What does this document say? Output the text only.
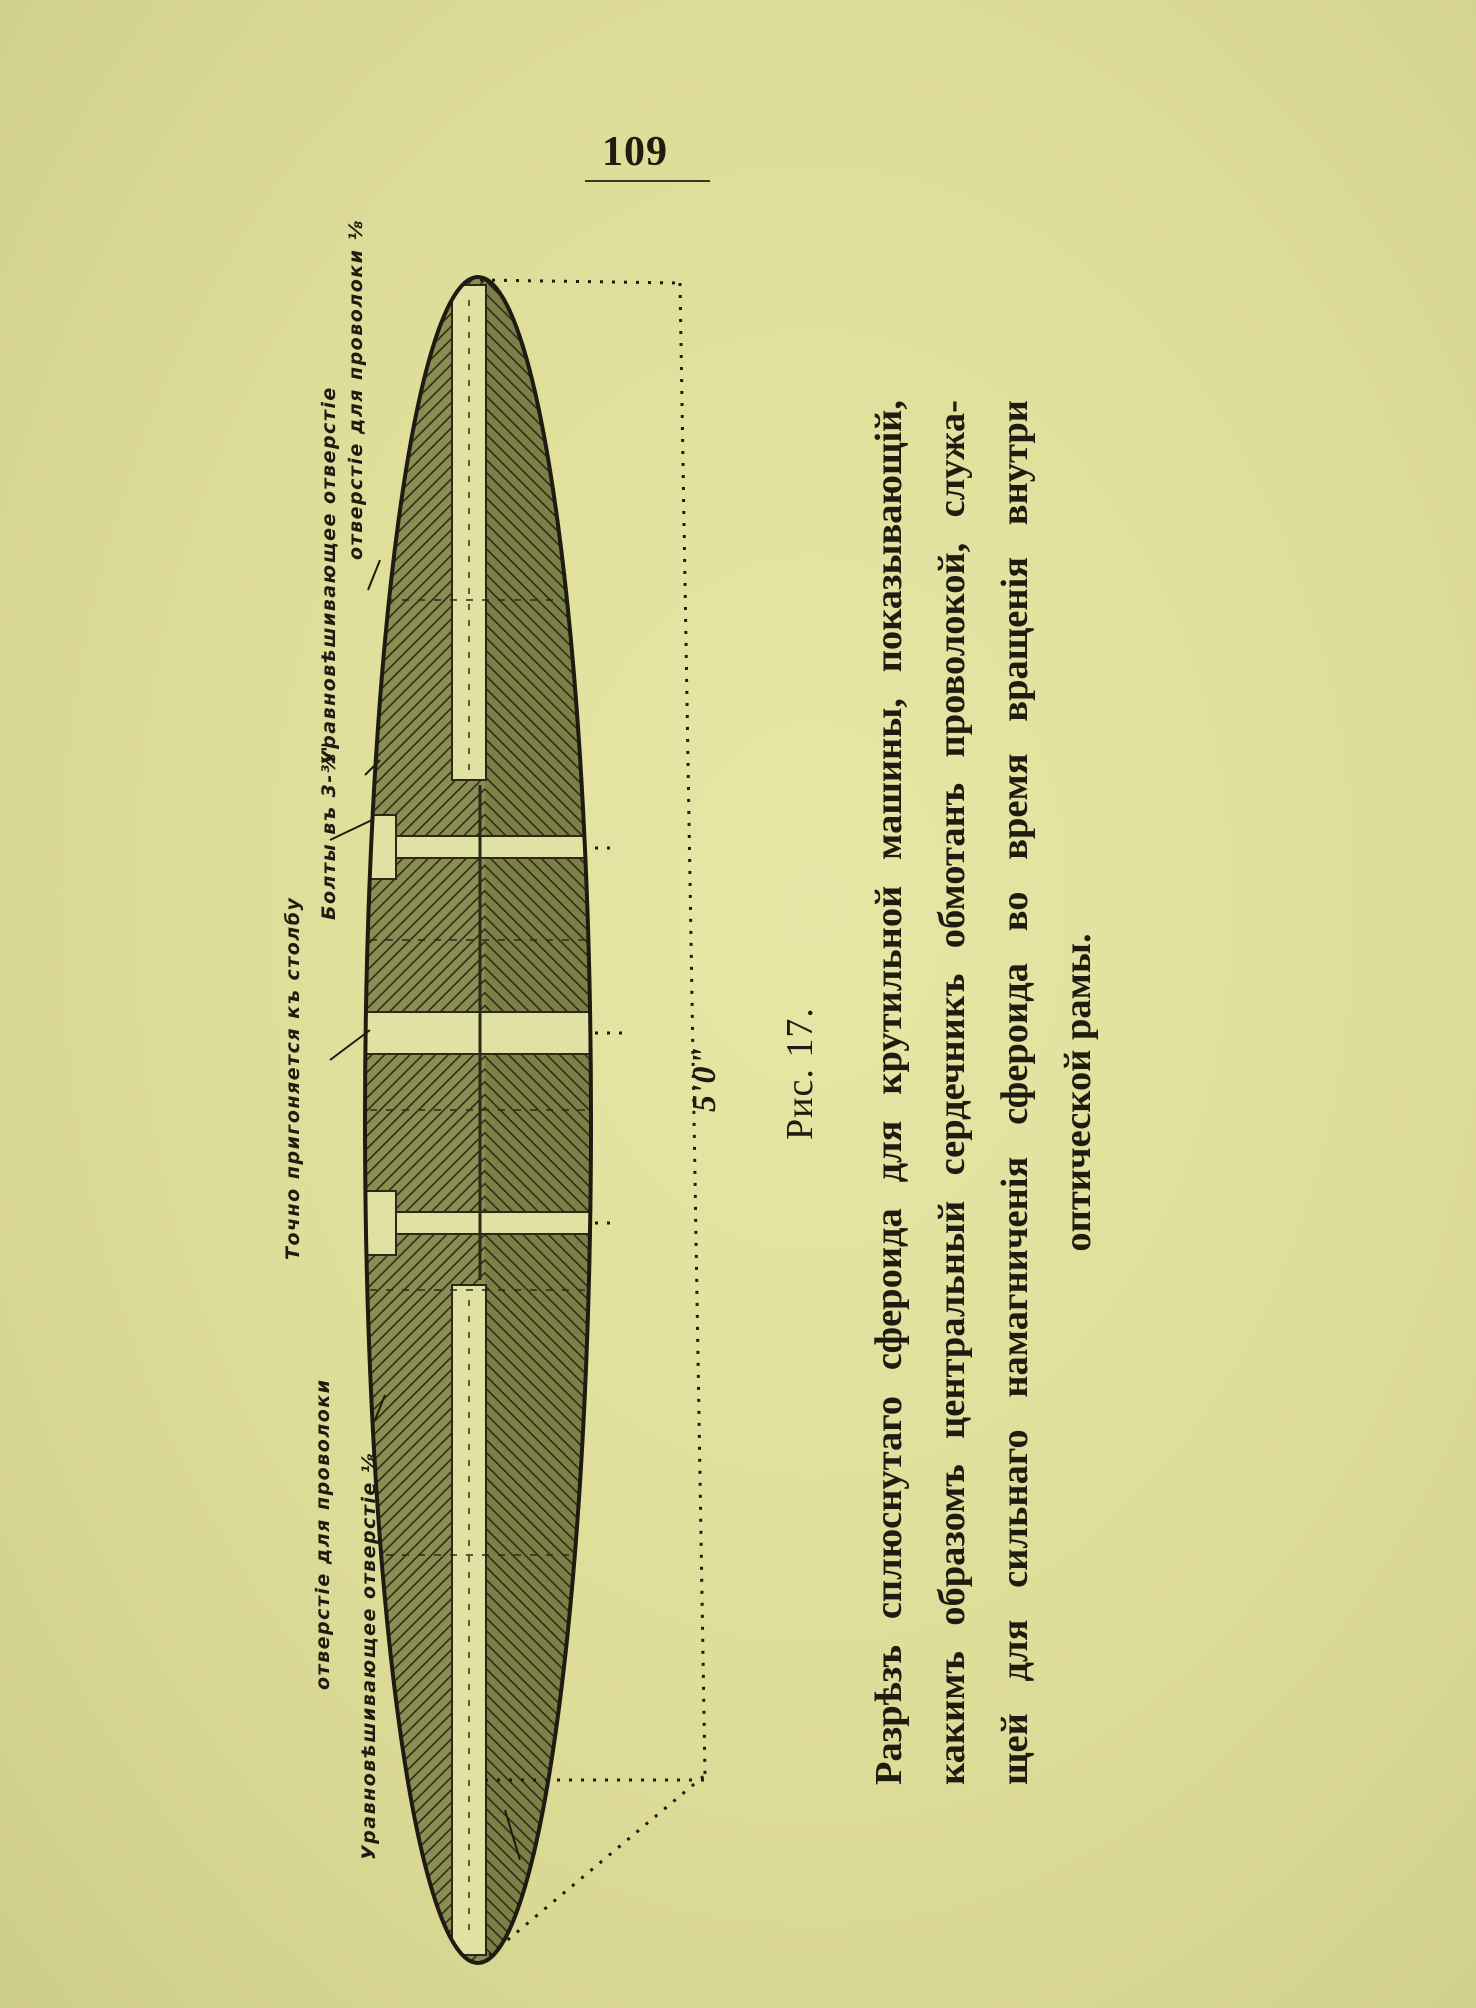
109
Уравновѣшивающее отверстіе ⅛
отверстіе для проволоки
Точно пригоняется къ столбу
Болты въ 3-⅜"
Уравновѣшивающее отверстіе отверстіе для проволоки ⅛
5'0" Рис. 17. Разрѣзъ сплюснутаго сфероида для крутильной машины, показывающій, какимъ образомъ центральный сердечникъ обмотанъ проволокой, служа- щей для сильнаго намагниченія сфероида во время вращенія внутри оптической рамы.
